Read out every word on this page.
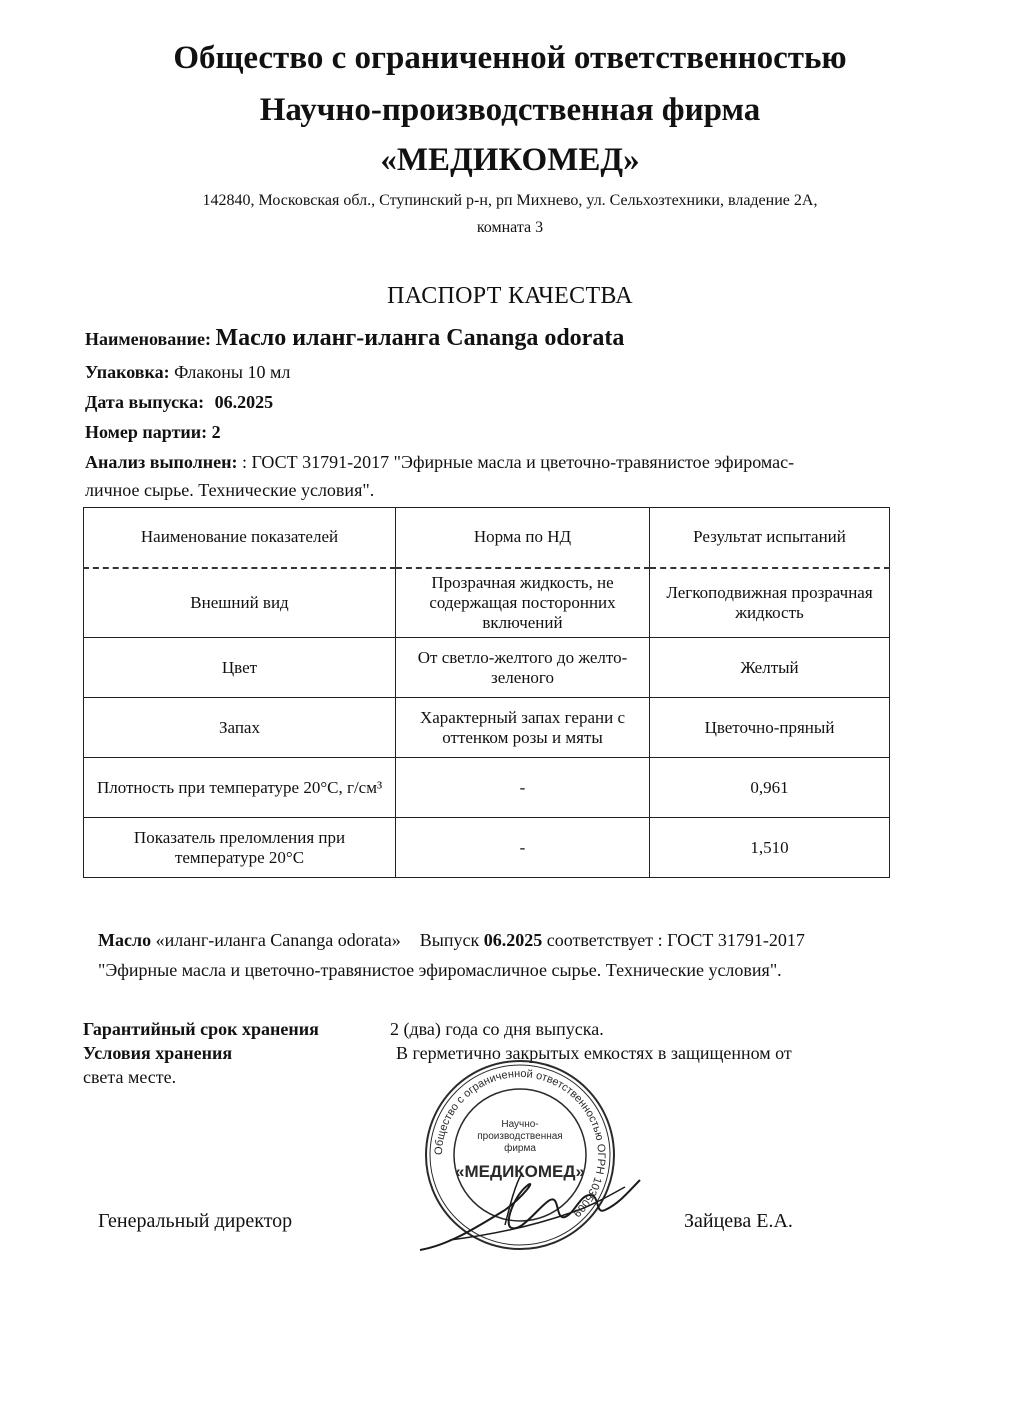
Общество с ограниченной ответственностью
Научно-производственная фирма
«МЕДИКОМЕД»
142840, Московская обл., Ступинский р-н, рп Михнево, ул. Сельхозтехники, владение 2А,
комната 3
ПАСПОРТ КАЧЕСТВА
Наименование: Масло иланг-иланга Cananga odorata
Упаковка: Флаконы 10 мл
Дата выпуска: 06.2025
Номер партии: 2
Анализ выполнен: : ГОСТ 31791-2017 "Эфирные масла и цветочно-травянистое эфиромас-
личное сырье. Технические условия".
Наименование показателей	Норма по НД	Результат испытаний
Внешний вид	Прозрачная жидкость, не содержащая посторонних включений	Легкоподвижная прозрачная жидкость
Цвет	От светло-желтого до желто-зеленого	Желтый
Запах	Характерный запах герани с оттенком розы и мяты	Цветочно-пряный
Плотность при температуре 20°С, г/см³	-	0,961
Показатель преломления при температуре 20°С	-	1,510
Масло «иланг-иланга Cananga odorata» Выпуск 06.2025 соответствует : ГОСТ 31791-2017
"Эфирные масла и цветочно-травянистое эфиромасличное сырье. Технические условия".
Гарантийный срок хранения	2 (два) года со дня выпуска.
Условия хранения	В герметично закрытых емкостях в защищенном от
света месте.
Общество с ограниченной ответственностью ОГРН 1035009
Научно-
производственная
фирма
«МЕДИКОМЕД»
Генеральный директор	Зайцева Е.А.
